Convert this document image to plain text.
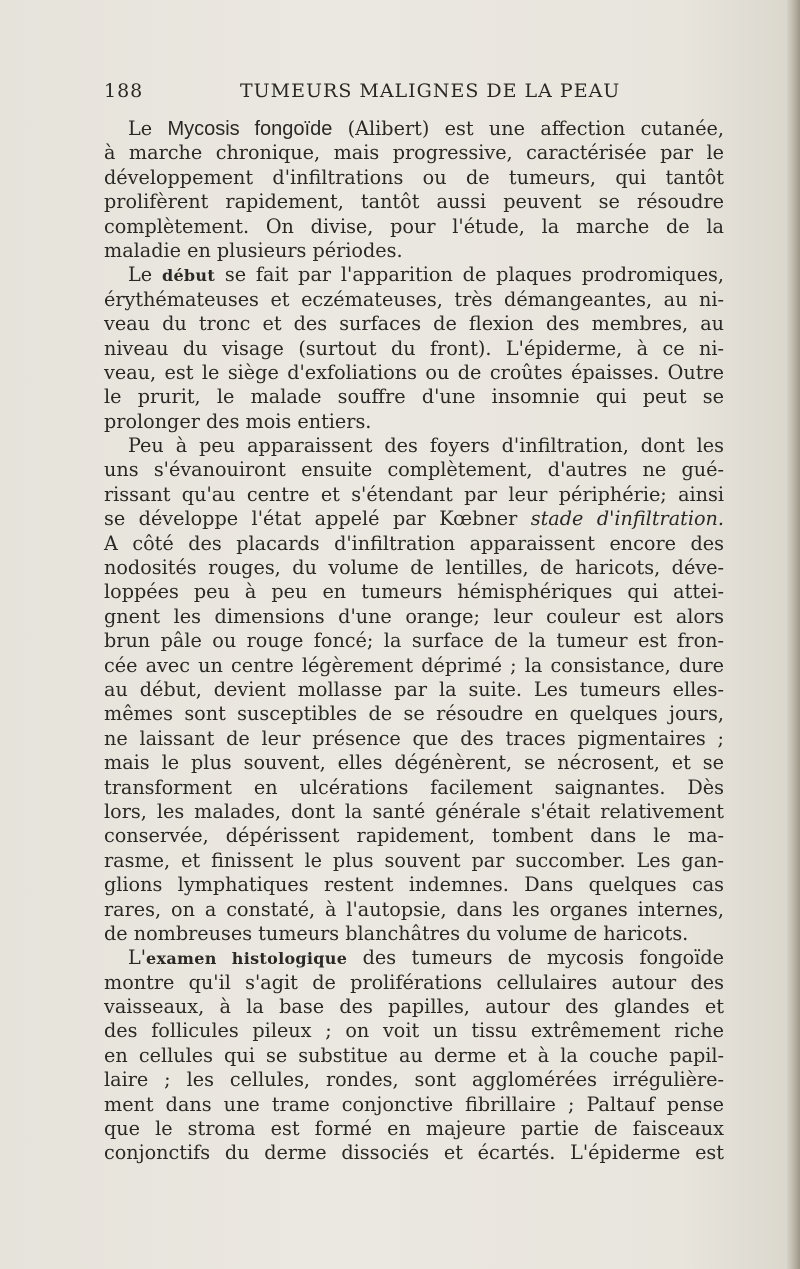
188	TUMEURS MALIGNES DE LA PEAU
Le Mycosis fongoïde (Alibert) est une affection cutanée,
à marche chronique, mais progressive, caractérisée par le
développement d'infiltrations ou de tumeurs, qui tantôt
prolifèrent rapidement, tantôt aussi peuvent se résoudre
complètement. On divise, pour l'étude, la marche de la
maladie en plusieurs périodes.
Le début se fait par l'apparition de plaques prodromiques,
érythémateuses et eczémateuses, très démangeantes, au ni-
veau du tronc et des surfaces de flexion des membres, au
niveau du visage (surtout du front). L'épiderme, à ce ni-
veau, est le siège d'exfoliations ou de croûtes épaisses. Outre
le prurit, le malade souffre d'une insomnie qui peut se
prolonger des mois entiers.
Peu à peu apparaissent des foyers d'infiltration, dont les
uns s'évanouiront ensuite complètement, d'autres ne gué-
rissant qu'au centre et s'étendant par leur périphérie; ainsi
se développe l'état appelé par Kœbner stade d'infiltration.
A côté des placards d'infiltration apparaissent encore des
nodosités rouges, du volume de lentilles, de haricots, déve-
loppées peu à peu en tumeurs hémisphériques qui attei-
gnent les dimensions d'une orange; leur couleur est alors
brun pâle ou rouge foncé; la surface de la tumeur est fron-
cée avec un centre légèrement déprimé ; la consistance, dure
au début, devient mollasse par la suite. Les tumeurs elles-
mêmes sont susceptibles de se résoudre en quelques jours,
ne laissant de leur présence que des traces pigmentaires ;
mais le plus souvent, elles dégénèrent, se nécrosent, et se
transforment en ulcérations facilement saignantes. Dès
lors, les malades, dont la santé générale s'était relativement
conservée, dépérissent rapidement, tombent dans le ma-
rasme, et finissent le plus souvent par succomber. Les gan-
glions lymphatiques restent indemnes. Dans quelques cas
rares, on a constaté, à l'autopsie, dans les organes internes,
de nombreuses tumeurs blanchâtres du volume de haricots.
L'examen histologique des tumeurs de mycosis fongoïde
montre qu'il s'agit de proliférations cellulaires autour des
vaisseaux, à la base des papilles, autour des glandes et
des follicules pileux ; on voit un tissu extrêmement riche
en cellules qui se substitue au derme et à la couche papil-
laire ; les cellules, rondes, sont agglomérées irrégulière-
ment dans une trame conjonctive fibrillaire ; Paltauf pense
que le stroma est formé en majeure partie de faisceaux
conjonctifs du derme dissociés et écartés. L'épiderme est
